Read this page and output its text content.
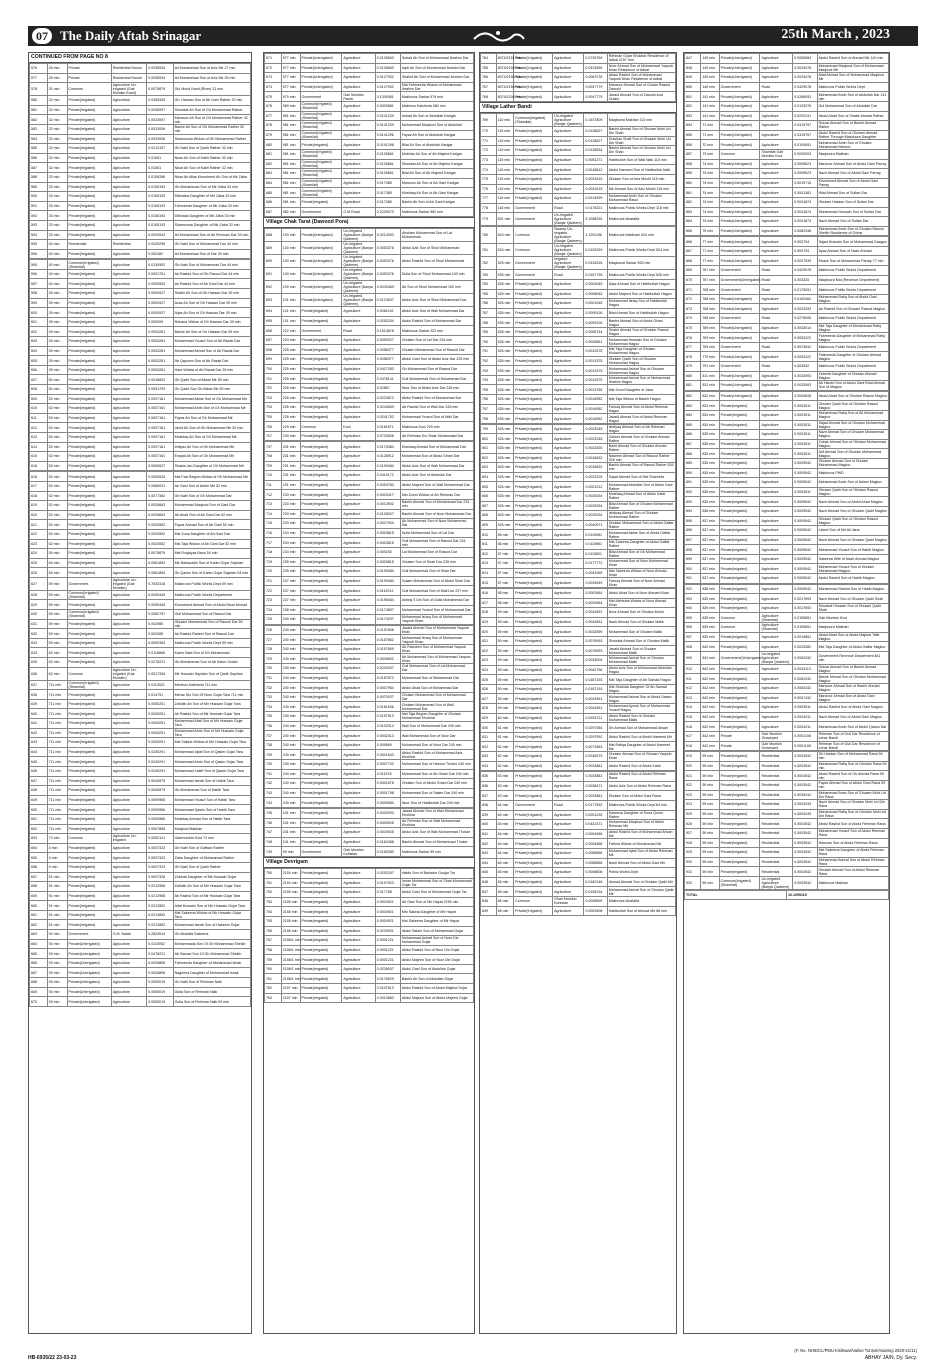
07 The Daily Aftab Srinagar	25th March , 2023
CONTINUED FROM PAGE NO 8
576	26 min	Private	Residential House	0.0035534	Ali Mohammad Son of Aziz Mir 27 min
577	26 min	Private	Residential House	0.0035534	Ali Mohammad Son of Aziz Mir 26 min
578	31 min	Common	Agriculture Un-irrigated (Gair Mumkin Kand)	0.0075879	Gul Mohd Kand (River) 31 min
580	32 min	Private(Irrigated)	Agriculture	0.0455345	Gh. Hassan Son of Ab Gani Rather 32 min
581	32 min	Private(Irrigated)	Agriculture	0.0035097	Showkat Ah Son of Gh Mohammad Rather
582	32 min	Private(Irrigated)	Agriculture	0.0033097	Manzoor Ah Son of Gh Mohammad Rather 32 min
583	32 min	Private(Irrigated)	Agriculture	0.0033006	Bashir Ah Son of Gh Mohammad Rather 32 min
584	32 min	Private(Irrigated)	Agriculture	0.0033006	Shamsuma Widow of Gh Mohammad Rather
585	32 min	Private(Irrigated)	Agriculture	0.0212107	Gh Nabi Son of Qadir Rather 32 min
586	32 min	Private(Irrigated)	Agriculture	0.01061	Nisar Ah Son of Kabir Rather 32 min
587	32 min	Private(Irrigated)	Agriculture	0.01061	Nisar Ah Son of Kabir Rather 32 min
588	33 min	Private(Irrigated)	Agriculture	0.0106286	Nisar Ah Alias Khursheed Ah Son of Mir Zaba
589	33 min	Private(Irrigated)	Agriculture	0.0106193	Gh Mohammad Son of Mir Zaba 33 min
590	33 min	Private(Irrigated)	Agriculture	0.0106193	Dilshaina Daughter of Mir Zaba 33 min
591	33 min	Private(Irrigated)	Agriculture	0.0106193	Fahmeeda Daughter of Mir Zaba 33 min
592	33 min	Private(Irrigated)	Agriculture	0.0106193	Dilshada Daughter of Mir Zaba 33 min
593	33 min	Private(Irrigated)	Agriculture	0.0106193	Shamsuma Daughter of Mir Zaba 33 min
594	33 min	Private(Irrigated)	Agriculture	0.0003044	Ali Mohammad Son of Ab Rehman Dar 33 min
595	40 min	Residential	Residential	0.0025295	Gh Nabi Son of Mohammad Dar 40 min
596	40 min	Private(Irrigated)	Agriculture	0.052482	Ali Mohammad Son of Dar 40 min
595	40 min	Common(Irrigated) (Shamilat)	Agriculture	0.0130952	Gh Nabi Son of Mohammad Dar 44 min
596	40 min	Private(Irrigated)	Agriculture	0.0001751	Ab Rashid Son of Gh Rasool Dar 44 min
597	40 min	Private(Irrigated)	Agriculture	0.0000553	Ab Rashid Son of Ab Gani Dar 44 min
598	39 min	Private(Irrigated)	Agriculture	0.0000927	Shabir Ah Son of Gh Hassan Dar 39 min
599	39 min	Private(Irrigated)	Agriculture	0.0000927	Azaz Ah Son of Gh Hassan Dar 39 min
600	39 min	Private(Irrigated)	Agriculture	0.0000927	Aijaz Ah Son of Gh Hassan Dar 39 min
601	39 min	Private(Irrigated)	Agriculture	0.000099	Rehana Widow of Gh Hassan Dar 39 min
602	39 min	Private(Irrigated)	Agriculture	0.0003281	Bashir Ah Son of Gh Hassan Dar 39 min
603	39 min	Private(Irrigated)	Agriculture	0.0003281	Mohammad Yousuf Son of Ab Razak Dar
604	39 min	Private(Irrigated)	Agriculture	0.0003281	Mohammad Ashraf Son of Ab Razak Dar
605	39 min	Private(Irrigated)	Agriculture	0.0003281	Ab Qayoom Son of Ab Razak Dar
606	39 min	Private(Irrigated)	Agriculture	0.0003281	Hara Widow of Ab Razak Dar 39 min
607	50 min	Private(Irrigated)	Agriculture	0.0016692	Gh Qadir Son of Akbar Mir 50 min
608	50 min	Private(Irrigated)	Agriculture	0.0051793	Gh Qadir Son Gh Akbar Mir 50 min
609	52 min	Private(Irrigated)	Agriculture	0.0007161	Mohammad Akbar Son of Gh Mohammad Mir
610	52 min	Private(Irrigated)	Agriculture	0.0007161	Mohammad Amin Son of Gh Mohammad Mir
611	52 min	Private(Irrigated)	Agriculture	0.0007161	Fayaz Ah Son of Gh Mohammad Mir
612	52 min	Private(Irrigated)	Agriculture	0.0007161	Javid Ah Son of Gh Mohammad Mir 52 min
613	52 min	Private(Irrigated)	Agriculture	0.0007161	Mushtaq Ah Son of Gh Mohammad Mir
614	52 min	Private(Irrigated)	Agriculture	0.0007161	Imtiyaz Ah Son of Gh Mohammad Mir
615	52 min	Private(Irrigated)	Agriculture	0.0007161	Enayat Ah Son of Gh Mohammad Mir
616	52 min	Private(Irrigated)	Agriculture	0.0000627	Shakia Jan Daughter of Gh Mohammad Mir
616	52 min	Private(Irrigated)	Agriculture	0.0005534	Mst Fazi Begum Widow of Gh Mohammad Mir
617	52 min	Private(Irrigated)	Agriculture	0.0066031	Ab Gani Son of Ambir Mir 52 min
618	52 min	Private(Irrigated)	Agriculture	0.0077362	Gh Nabi Son of Gh Mohammad Dar
619	52 min	Private(Irrigated)	Agriculture	0.0026663	Mohammad Maqbool Son of Gani Dar
620	52 min	Private(Irrigated)	Agriculture	0.0026663	Ab Ahad Son of Ab Gani Dar 52 min
621	52 min	Private(Irrigated)	Agriculture	0.0020552	Fayaz Ahmad Son of Ab Gani 52 min
622	52 min	Private(Irrigated)	Agriculture	0.0020552	Mst Zuna Daughter of Ab Gani Dar
623	52 min	Private(Irrigated)	Agriculture	0.0020552	Mst Taja Widow of Ab Gani Dar 52 min
624	54 min	Private(Irrigated)	Agriculture	0.0075879	Mst Ruqaiyaz Bano 54 min
625	54 min	Private(Irrigated)	Agriculture	0.0061854	Mir Bahauddin Son of Karim Gojar Sayidan
626	54 min	Private(Irrigated)	Agriculture	0.0061854	Gh Qasim Son of Karim Gojar Sayidan 54 min
627	59 min	Government	Agriculture Un-irrigated (Gair Mumkin)	0.7633318	Makhroos Public Works Dept 59 min
628	59 min	Common(Irrigated) (Shamilat)	Agriculture	0.0009445	Makhroos Public Works Department
629	59 min	Private(Irrigated)	Agriculture	0.0009445	Khursheed Ahmad Son of Abdul Nisar Ahmad
630	59 min	Common(Irrigated) (Shamilat)	Agriculture	0.0062757	Gull Mohammad Son of Rasool Dar
631	59 min	Private(Irrigated)	Agriculture	0.002985	Ghulam Mohammad Son of Rasool Dar 59 min
632	59 min	Private(Irrigated)	Agriculture	0.002985	Ab Rashid Raheel Son of Rasool Dar
633	59 min	Private(Irrigated)	Agriculture	0.0000364	Makhroos Public Works Dept 59 min
634	62 min	Private(Irrigated)	Agriculture	0.0118868	Karim Nabi Son of Gh Mohammad
635	62 min	Private(Irrigated)	Agriculture	0.0278221	Gh Mohammad Son of Ab Karim Sodan
636	62 min	Common	Agriculture Un-irrigated (Gair Mumkin)	0.0517336	Mir Hussain Sayidan Son of Qadir Sayidan
637	711 min	Common(Irrigated) (Shamilat)	Agriculture	0.0113521	Mehboo Kalsheria 711 min
638	711 min	Private(Irrigated)	Agriculture	0.014791	Mehar Din Son Of Noor Gojar Tara 711 min
639	711 min	Private(Irrigated)	Agriculture	0.0005251	Zahidin Ah Son of Mir Hussain Gojar Tara
640	711 min	Private(Irrigated)	Agriculture	0.0005251	Ab Rashid Son of Mir Hussain Gojar Tara
641	711 min	Private(Irrigated)	Agriculture	0.0005251	Mohammad Altaf Son of Mir Hussain Gojar Tara
642	711 min	Private(Irrigated)	Agriculture	0.0005251	Mohammad Amin Son of Mir Hussain Gojar Tara
643	711 min	Private(Irrigated)	Agriculture	0.0005251	Mst Sakina Widow of Mir Hussain Gojar Tara
644	711 min	Private(Irrigated)	Agriculture	0.0240291	Mohammad Iqbal Son of Qasim Gojar Tara
645	711 min	Private(Irrigated)	Agriculture	0.0240291	Mohammad Amin Son of Qasim Gojar Tara
646	711 min	Private(Irrigated)	Agriculture	0.0240291	Mohammad Latief Son of Qasim Gojar Tara
647	711 min	Private(Irrigated)	Agriculture	0.0040879	Mohammad Ismail Son of Habib Tara
648	711 min	Private(Irrigated)	Agriculture	0.0040879	Gh Mohammad Son of Habib Tara
649	711 min	Private(Irrigated)	Agriculture	0.0009966	Mohammad Yousuf Son of Habib Tara
650	711 min	Private(Irrigated)	Agriculture	0.0009966	Mohammad Qasim Son of Habib Tara
651	711 min	Private(Irrigated)	Agriculture	0.0009966	Mushtaq Ahmad Son of Habib Tara
652	711 min	Private(Irrigated)	Agriculture	0.0007858	Maqbool Makhan
653	72 min	Common	Agriculture Un-irrigated	0.0052121	Gairmumkin Kool 72 min
654	4 min	Private(Irrigated)	Agriculture	0.0007323	Gh Nabi Son of Gaffaar Rather
655	4 min	Private(Irrigated)	Agriculture	0.0007323	Zaba Daughter of Mohammad Rather
656	4 min	Private(Irrigated)	Agriculture	0.0007323	Gh Nabi Son of Qadir Rather
657	91 min	Private(Irrigated)	Agriculture	0.0007328	Zubeda Daughter of Mir Hussain Gojar
658	91 min	Private(Irrigated)	Agriculture	0.0212968	Zahidin Ah Son of Mir Hussain Gojar Tara
659	91 min	Private(Irrigated)	Agriculture	0.0212968	Ab Rashid Son of Mir Hussain Gojar Tara
660	91 min	Private(Irrigated)	Agriculture	0.0212852	Altaf Hussain Son of Mir Hussain Gojar Tara
661	91 min	Private(Irrigated)	Agriculture	0.0212852	Mst Sakeena Widow of Mir Hussain Gojar Tara
662	91 min	Private(Irrigated)	Agriculture	0.0212852	Mohammad Ismail Son of Hakeem Gojar
663	92 min	Government	G.M. Nalah	0.2824514	Gh Mustafa Sakeena
664	93 min	Private(Unirrigated)	Agriculture	0.0115052	Mohammada Son Of Gh Mohammad Sheikh
665	93 min	Private(Unirrigated)	Agriculture	0.0478221	Ab Samad Son Of Gh Mohammad Sheikh
666	93 min	Private(Unirrigated)	Agriculture	0.0026896	Fahmeeda Daughter of Mohammad Ishak
667	93 min	Private(Unirrigated)	Agriculture	0.0026896	Nageena Daughter of Mohammad Ishak
668	93 min	Private(Unirrigated)	Agriculture	0.0055019	Gh Nabi Son of Rehman Naik
669	93 min	Private(Unirrigated)	Agriculture	0.0055019	Gulla Son of Rehman Naik
670	93 min	Private(Unirrigated)	Agriculture	0.0055019	Gulla Son of Rehman Naik 93 min
671	977 min	Private(Unirrigated)	Agriculture	0.0126843	Subad Ah Son of Mohammad Ibrahim Dar
672	977 min	Private(Unirrigated)	Agriculture	0.0126843	Aqib Ah Son of Mohammad Ibrahim Dar
673	977 min	Private(Unirrigated)	Agriculture	0.0127932	Shahid Ah Son of Mohammad Ibrahim Dar
674	977 min	Private(Unirrigated)	Agriculture	0.0127932	Mst Fahmeeda Widow of Mohammad Ibrahim Dar
675	979 min	Government	Gair Mumkin Rasta	0.1309361	Makhroos Sarkar 979 min
676	980 min	Common(Irrigated) (Shamilat)	Agriculture	0.0003681	Makhroo Kalsheria 980 min
677	981 min	Common(Irrigated) (Shamilat)	Agriculture	0.0141239	Irshad Ah Son of Abdullah Karigar
678	981 min	Common(Irrigated) (Shamilat)	Agriculture	0.0141239	Mohammad Maqbool Son of Abdullah
679	981 min	Common(Irrigated) (Shamilat)	Agriculture	0.0141296	Fayaz Ah Son of Abdullah Karigar
680	981 min	Private(Irrigated)	Agriculture	0.0141296	Bilal Ah Son of Abdullah Karigar
681	981 min	Common(Irrigated) (Shamilat)	Agriculture	0.0126861	Mukhtar Ah Son of Ab Majeed Karigar
682	981 min	Common(Irrigated) (Shamilat)	Agriculture	0.0126861	Showkat Ah Son of Ab Majeed Karigar
683	981 min	Common(Irrigated) (Shamilat)	Agriculture	0.0126861	Bilal Ah Son of Ab Majeed Karigar
684	981 min	Common(Irrigated) (Shamilat)	Agriculture	0.017385	Manzoor Ah Son of Ab Gani Karigar
685	981 min	Common(Irrigated) (Shamilat)	Agriculture	0.017385	Mushtaq Ah Son of Ab Gani Karigar
686	981 min	Private(Irrigated)	Agriculture	0.017385	Bashir Ah Son of Ab Gani Karigar
687	982 min	Government	G.M Road	0.2225373	Makhroos Sarkar 982 min
Village Chak Tarat (Dawood Pora)
688	100 min	Private(Unirrigated)	Un-irrigated Agriculture (Banjar Qadeem)	0.0213393	Ahsham Mohammad Son of Lal Mohammad
689	100 min	Private(Unirrigated)	Un-irrigated Agriculture (Banjar Qadeem)	0.0053376	Abdul Aziz Son of Shuri Mohammad
690	100 min	Private(Unirrigated)	Un-irrigated Agriculture (Banjar Qadeem)	0.0053376	Abdul Rashid Son of Shuri Mohammad
691	100 min	Private(Unirrigated)	Un-irrigated Agriculture (Banjar Qadeem)	0.0053376	Dulla Son of Shuri Mohammad 100 min
692	100 min	Private(Unirrigated)	Un-irrigated Agriculture (Banjar Qadeem)	0.0033469	Ab Son of Shuri Mohammad 100 min
693	101 min	Private(Unirrigated)	Un-irrigated Agriculture (Banjar Qadeem)	0.0124547	Abdul Aziz Son of Shuri Mohammad Dar
694	101 min	Private(Irrigated)	Agriculture	0.0061192	Abdul Aziz Son of Wali Mohammad Dar
695	101 min	Private(Irrigated)	Agriculture	0.0252204	Abdul Rashid Son of Mohammad Dar
696	222 min	Government	Road	0.1613878	Makhroos Sarkar 222 min
697	224 min	Private(Irrigated)	Agriculture	0.0090027	Ghulam Son of Lal Dar 224 min
698	225 min	Private(Irrigated)	Agriculture	0.0056377	Ghulam Mohammad Son of Rasool Dar
699	225 min	Private(Irrigated)	Agriculture	0.0056377	Abdul Gani Son of Abdul Aziz Dar 225 min
700	225 min	Private(Irrigated)	Agriculture	0.0427283	Gh Mohammad Son of Rasool Dar
701	225 min	Private(Irrigated)	Agriculture	0.0478141	Gull Mohammad Son of Mohammad Dar
702	226 min	Private(Irrigated)	Agriculture	0.02867	Noor Son of Abdul Aziz Dar 226 min
703	226 min	Private(Irrigated)	Agriculture	0.0223872	Abdul Rashid Son of Mohammad Dar
704	226 min	Private(Irrigated)	Agriculture	0.0243659	Ab Rashid Son of Wali Dar 226 min
705	228 min	Private(Irrigated)	Agriculture	0.0241752	Mohammad Yousuf Son of Wali Dar
706	229 min	Common	Kool	0.0181871	Makhroos Kool 229 min
707	230 min	Private(Irrigated)	Agriculture	0.0732606	Ab Rehman S/o Shair Mohammad Dar
707	231 min	Private(Irrigated)	Agriculture	0.0175384	Mushtaq Ahmad Son of Mohammad Dar
708	231 min	Private(Irrigated)	Agriculture	0.0128912	Mohammad Son of Abdul Ghani Dar
709	231 min	Private(Irrigated)	Agriculture	0.0199484	Abdul Aziz Son of Wali Mohammad Dar
710	231 min	Private(Irrigated)	Agriculture	0.0419172	Abdul Aziz Son of Abdullah Dar
711	231 min	Private(Irrigated)	Agriculture	0.0054783	Abdul Majeed Son of Wali Mohammad Dar
712	233 min	Private(Irrigated)	Agriculture	0.0003417	Mst Zooni Widow of Ab Rehman Dar
713	233 min	Private(Irrigated)	Agriculture	0.0013902	Bashir Ahmad Son of Mohammad Dar 233 min
714	233 min	Private(Irrigated)	Agriculture	0.0128327	Bashir Ahmad Son of Noor Mohammad Dar
715	233 min	Private(Irrigated)	Agriculture	0.0027904	Ab Mohammad Son of Noor Mohammad Dar
716	234 min	Private(Irrigated)	Agriculture	0.0003815	Dulla Mohammad Son of Lal Dar
717	234 min	Private(Irrigated)	Agriculture	0.0003815	Gull Mohammad Son of Rasool Dar 234 min
718	234 min	Private(Irrigated)	Agriculture	0.000192	Lal Mohammad Son of Rasool Dar
719	235 min	Private(Irrigated)	Agriculture	0.0003815	Ghulam Son of Shair Dar 235 min
720	235 min	Private(Irrigated)	Agriculture	0.0199484	Gull Mohammad Son of Shair Dar
721	237 min	Private(Irrigated)	Agriculture	0.0199484	Gulam Mohammad Son of Abdul Shair Dar
722	237 min	Private(Irrigated)	Agriculture	0.0118741	Gull Mohammad Son of Wali Dar 237 min
723	237 min	Private(Irrigated)	Agriculture	0.0196084	Akbraj S Din Son of Dulla Mohammad Dar
724	238 min	Private(Irrigated)	Agriculture	0.0174897	Mohammad Yousuf Son of Mohammad Dar
725	240 min	Private(Irrigated)	Agriculture	0.0174297	Mohammad Ishaq Son of Mohammad Yaqoob Khan
726	240 min	Private(Irrigated)	Agriculture	0.0157846	Javaid Ahmad Son of Mohammad Yaqoob Khan
727	240 min	Private(Irrigated)	Agriculture	0.0157862	Mohammad Ishaq Son of Mohammad Yaqoob Khan
728	240 min	Private(Irrigated)	Agriculture	0.0157859	Ab Rasheed Son of Mohammad Yaqoob Khan
729	240 min	Private(Irrigated)	Agriculture	0.0005832	Ab Mohammad Son of Mohammad Yaqoob Khan
730	240 min	Private(Irrigated)	Agriculture	0.0203347	Gull Mohammad Son of Lal Mohammad Dar
731	240 min	Private(Irrigated)	Agriculture	0.0157872	Mohammad Son of Mohammad Dar
732	240 min	Private(Irrigated)	Agriculture	0.0007964	Abdul Ahad Son of Mohammad Dar
733	240 min	Private(Irrigated)	Agriculture	0.0070037	Ghulam Mohammad Son of Mohammad Dar
734	240 min	Private(Irrigated)	Agriculture	0.0181836	Ghulam Mohammad Son of Wali Mohammad Dar
735	240 min	Private(Irrigated)	Agriculture	0.0157913	Mst Taja Begum Daughter of Ghulam Mohammad Khokhar
736	240 min	Private(Irrigated)	Agriculture	0.0102014	Wali Son of Mohammad Dar 240 min
737	240 min	Private(Irrigated)	Agriculture	0.0002413	Wali Mohammad Son of Noor Dar
738	240 min	Private(Irrigated)	Agriculture	0.009669	Mohammad Son of Noor Dar 240 min
739	240 min	Private(Irrigated)	Agriculture	0.0001843	Abdul Rashid Son of Mohammad Azia Khokhar
740	240 min	Private(Irrigated)	Agriculture	0.0007742	Mohammad Son of Haroon Thoker 240 min
741	240 min	Private(Irrigated)	Agriculture	0.011578	Mohammad Son of Ab Ghani Dar 240 min
742	240 min	Private(Irrigated)	Agriculture	0.0001878	Ghulam Son of Abdul Ghani Dar 240 min
743	240 min	Private(Irrigated)	Agriculture	0.0001798	Mohammad Son of Salam Dar 240 min
744	240 min	Private(Irrigated)	Agriculture	0.0009564	Noor Son of Habibullah Dar 240 min
745	241 min	Private(Irrigated)	Agriculture	0.0025293	Jawad Ahmad Son of Wali Mohammad Khokhar
746	241 min	Private(Irrigated)	Agriculture	0.0009925	Ab Rehman Son of Wali Mohammad Khokhar
747	241 min	Private(Irrigated)	Agriculture	0.0004925	Abdul Aziz Son of Wali Mohammad Thokar
748	241 min	Private(Irrigated)	Agriculture	0.0162458	Bashir Ahmad Son of Mohammad Thoker
749	99 min	Government	Gair Mumkin Kohistan	0.0183283	Makhroos Sarkar 99 min
Village Devrigam
750	2154 min	Private(Irrigated)	Agriculture	0.0292347	Habib Son of Bahadur Goojar Tar
751	2154 min	Private(Irrigated)	Agriculture	0.0197923	Imran Mohammad Son of Shair Mohammad Gojar Tar
752	2155 min	Private(Irrigated)	Agriculture	0.017788	Abdul Gani Son of Mohammad Gojar Tar
753	2155 min	Private(Irrigated)	Agriculture	0.0004921	Ab Gani Son of Mir Hayat 2155 min
754	2155 min	Private(Irrigated)	Agriculture	0.0004921	Mst Sakina Daughter of Mir Hayat
755	2155 min	Private(Irrigated)	Agriculture	0.0004921	Mst Sakeena Daughter of Mir Hayat
756	2155 min	Private(Irrigated)	Agriculture	0.0225931	Abdul Salam Son of Mohammad Gojar
757	2156/1 min	Private(Irrigated)	Agriculture	0.0001221	Mohammad Ashraf Son of Noor Din Mohammad Gojar
758	2156/1 min	Private(Irrigated)	Agriculture	0.0001221	Abdul Rashid Son of Noor Din Gojar
759	2156/1 min	Private(Irrigated)	Agriculture	0.0001221	Abdul Majeed Son of Noor Din Gojar
760	2156/1 min	Private(Irrigated)	Agriculture	0.0228007	Abdul Gani Son of Abdullah Gojar
761	2156/1 min	Private(Irrigated)	Agriculture	0.0176529	Bashir Ah Son of Abdullah Gojar
762	2157 min	Private(Irrigated)	Agriculture	0.0107613	Abdul Rashid Son of Abdul Majeed Gojar
763	2157 min	Private(Irrigated)	Agriculture	0.0013883	Abdul Majeed Son of Abdul Majeed Gojar
764	8074/2151 min	Private(Irrigated)	Agriculture	0.0739769	Rehman Gojar Khokhar Residence of Adbal 2157 min
765	8074/2156 min	Private(Irrigated)	Agriculture	0.0433599	Noor Ahmad Son of Mohammad Yaqoob Khan Residence of Adbal
766	8074/2156 min	Private(Irrigated)	Agriculture	0.0067278	Abdul Rashid Son of Mohammad Yaqoob Khan Residence of Adbal
767	8074/2156 min	Private(Irrigated)	Agriculture	0.0047779	Manzoor Ahmad Son of Gulam Rasool Zarooki
768	8074/2156 min	Private(Irrigated)	Agriculture	0.0047779	Javaid Ahmad Son of Zarooki And Gulam
Village Lather Bandi
769	110 min	Common(Irrigated) (Shamilat)	Un-irrigated Agriculture (Banjar Qadeem)	0.1447809	Maqboora Makhan 110 min
770	115 min	Private(Irrigated)	Agriculture	0.0138527	Bashir Ahmad Son of Ghulam Mohi Ud Din Shah
771	115 min	Private(Irrigated)	Agriculture	0.0138527	Gulshan Shafi Son of Ghulam Mohi Ud Din Shah
772	115 min	Private(Irrigated)	Agriculture	0.0138534	Bashir Ahmad Son of Ghulam Mohi Ud Din Shah
773	115 min	Private(Irrigated)	Agriculture	0.0051271	Habibullah Son of Wali Naik 115 min
774	115 min	Private(Irrigated)	Agriculture	0.0018612	Abdul Hameed Son of Habibullah Naik
775	115 min	Private(Irrigated)	Agriculture	0.0031615	Ghulam Son of Aziz Mochi 115 min
776	115 min	Private(Irrigated)	Agriculture	0.0031615	Mir Ahmad Son of Aziz Mochi 115 min
777	116 min	Private(Irrigated)	Agriculture	0.0214599	Mohammad Amin Son of Ghulam Mohammad Rasul
778	116 min	Government	Road	0.0176221	Makhroos Public Works Dept 116 min
779	501 min	Government	Un-irrigated Agriculture (Banjar Qadeem)	0.1958235	Makhroos Mustaffa
780	524 min	Common	Swamp Un-irrigated Agriculture (Banjar Qadeem)	1.1291196	Makhroos Maidhani 524 min
781	524 min	Common	Un-irrigated Agriculture (Banjar Qadeem)	0.0192929	Makhroos Public Works Dept 524 min
782	525 min	Government	Irrigated Agriculture (Banjar Qadeem)	0.0318318	Maqboora Sarkar 525 min
783	526 min	Government	Road	0.0167735	Makhroos Public Works Dept 526 min
784	526 min	Private(Irrigated)	Agriculture	0.0003045	Aijaz Ahmad Son of Habibullah Hagoo
785	526 min	Private(Irrigated)	Agriculture	0.0008545	Abdul Majeed Son of Habibullah Hagoo
786	526 min	Private(Irrigated)	Agriculture	0.0001045	Mohammad Ishaq Son of Habibullah Hagoo
787	526 min	Private(Irrigated)	Agriculture	0.0009126	Bilal Ahmad Son of Habibullah Hagoo
788	526 min	Private(Irrigated)	Agriculture	0.0009126	Bashir Ahmad Son of Abdul Ghani Hagoo
789	526 min	Private(Irrigated)	Agriculture	0.0006744	Shabir Ahmad Son of Ghulam Rasool Hagoo
790	526 min	Private(Irrigated)	Agriculture	0.0025851	Mohammad Hussain Son of Ghulam Mohammad Hagoo
791	526 min	Private(Irrigated)	Agriculture	0.0013375	Mst Taja Daughter of Ghulam Mohammad Hagoo
792	526 min	Private(Irrigated)	Agriculture	0.0013375	Ghulam Qadir Son of Ghulam Mohammad Hagoo
793	526 min	Private(Irrigated)	Agriculture	0.0013375	Mohammad Ashraf Son of Ghulam Mohammad Hagoo
794	526 min	Private(Irrigated)	Agriculture	0.0013375	Mohammad Ashraf Son of Mohammad Ibrahim Hagoo
795	526 min	Private(Irrigated)	Agriculture	0.0013755	Mst Zooni Daughter of Jana
796	526 min	Private(Irrigated)	Agriculture	0.0016952	Mst Taja Widow of Bashir Hagoo
797	526 min	Private(Irrigated)	Agriculture	0.0016952	Farooq Ahmad Son of Abdul Rehman Hagoo
798	526 min	Private(Irrigated)	Agriculture	0.0016952	Javaid Ahmad Son of Abdul Rehman Hagoo
799	526 min	Private(Irrigated)	Agriculture	0.0023245	Ishtiyaq Ahmad Son of Ab Rehman Hagoo
800	526 min	Private(Irrigated)	Agriculture	0.0023245	Zahoor Ahmad Son of Ghulam Ahmad Rather
801	526 min	Private(Irrigated)	Agriculture	0.0022825	Nazir Ahmad Son of Ghulam Ahmad Rather
802	526 min	Private(Irrigated)	Agriculture	0.0016832	Naseem Ahmad Son of Rasool Rather 526 min
803	526 min	Private(Irrigated)	Agriculture	0.0016832	Bashir Ahmad Son of Rasool Rather 526 min
804	526 min	Private(Irrigated)	Agriculture	0.0023225	Sajad Ahmad Son of Mst Shareefa
805	526 min	Private(Irrigated)	Agriculture	0.0021212	Mohammad Abdullah Son of Abdul Gani Rather
806	526 min	Private(Irrigated)	Agriculture	0.0025254	Mushtaq Ahmad Son of Abdul Kabir Rather
807	526 min	Private(Irrigated)	Agriculture	0.0025254	Bilal Ahmad Son of Ghulam Mohammad Rather
808	526 min	Private(Irrigated)	Agriculture	0.0025254	Ishtiyaq Ahmad Son of Ghulam Mohammad Rather
809	526 min	Private(Irrigated)	Agriculture	0.0040971	Ghulam Mohammad Son of Abdul Gaffar Rather
810	56 min	Private(Irrigated)	Agriculture	0.0115981	Mohammad Akbar Son of Abdul Gaffar Rather
811	56 min	Private(Irrigated)	Agriculture	0.0115981	Mst Zareena Daughter of Abdul Gaffar Rather
812	57 min	Private(Irrigated)	Agriculture	0.0115801	Bilal Ahmad Son of Gh Mohammad Rather
813	57 min	Private(Irrigated)	Agriculture	0.0177772	Mohammad Son of Noor Mohammad Khan
814	57 min	Private(Irrigated)	Agriculture	0.0041069	Mst Sakeena Widow of Noor Ahmad Khan
815	57 min	Private(Irrigated)	Agriculture	0.0033949	Farooq Ahmad Son of Noor Ahmad Khan
816	58 min	Private(Irrigated)	Agriculture	0.0003964	Abdul Ahad Son of Noor Ahmad Khan
817	58 min	Private(Irrigated)	Agriculture	0.0003964	Mst Mehtuba Widow of Noor Ahmad Khan
818	59 min	Private(Irrigated)	Agriculture	0.0042891	Noor Ahmad Son of Ghulam Mohd
819	59 min	Private(Irrigated)	Agriculture	0.0042891	Nazir Ahmad Son of Ghulam Malik
820	59 min	Private(Irrigated)	Agriculture	0.0032899	Mohammad Son of Ghulam Malik
821	59 min	Private(Irrigated)	Agriculture	0.0076993	Showkat Ahmad Son of Ghulam Malik
822	59 min	Private(Irrigated)	Agriculture	0.0076993	Javaid Ahmad Son of Ghulam Mohammad Malik
823	59 min	Private(Irrigated)	Agriculture	0.0034004	Mohammad Ashraf Son of Ghulam Mohammad Malik
824	59 min	Private(Irrigated)	Agriculture	0.0042796	Abdul Aziz Son of Mohammad Abdullah Hagoo
825	59 min	Private(Irrigated)	Agriculture	0.0187193	Mst Taja Daughter of Ab Samad Hagoo
826	59 min	Private(Irrigated)	Agriculture	0.0187193	Mst Shahida Daughter Of Ab Samad Hagoo
827	59 min	Private(Irrigated)	Agriculture	0.0043951	Mohammad Ashraf Son of Abdul Salam Hagoo
828	59 min	Private(Irrigated)	Agriculture	0.0043951	Mohammad Ayoub Son of Mohammad Yousuf Hagoo
829	60 min	Private(Irrigated)	Agriculture	0.0293721	Abdul Rashid Son of Ghulam Mohammad Malik
830	61 min	Private(Irrigated)	Agriculture	0.0297064	Gh Ahmad Son of Mohammad Ahsan
831	61 min	Private(Irrigated)	Agriculture	0.0297992	Abdul Rashid Son of Abdul Hameed Mir
832	62 min	Private(Irrigated)	Agriculture	0.0071683	Mst Rafiqa Daughter of Abdul Hameed Mir
833	62 min	Private(Irrigated)	Agriculture	0.0246379	Ghulam Ahmad Son of Ghulam Yaqoob Khan
834	62 min	Private(Irrigated)	Agriculture	0.0033881	Abdul Rashid Son of Abdul Kabir
835	63 min	Private(Irrigated)	Agriculture	0.0033881	Abdul Rashid Son of Abdul Rehman Rana
836	63 min	Private(Irrigated)	Agriculture	0.0038471	Abdul Aziz Son of Abdul Rehman Rana
837	63 min	Private(Irrigated)	Agriculture	0.0033881	Ghulam Son of Abdul Gani Rana
838	64 min	Government	Road	0.0177592	Makhroos Public Works Dept 64 min
839	64 min	Private(Irrigated)	Agriculture	0.0251235	Kaneeza Daughter of Sona Qoom Rather
840	64 min	Private(Irrigated)	Agriculture	0.0442371	Mohammad Maqbool Son of Abdul Rehman Mir
841	64 min	Private(Irrigated)	Agriculture	0.0004968	Abdul Rashid Son of Mohammad Ahsan Mir
842	64 min	Private(Irrigated)	Agriculture	0.0004968	Fatima Widow of Mohammad Mir
843	64 min	Private(Irrigated)	Agriculture	0.0085858	Mohammad Iqbal Son of Abdul Rehman Mir
844	64 min	Private(Irrigated)	Agriculture	0.0085858	Nazir Ahmad Son of Abdul Gani Mir
845	65 min	Private(Irrigated)	Agriculture	0.0008808	Public Works Dept
846	65 min	Private(Irrigated)	Agriculture	0.0160148	Ahmad Ahmad Son of Ghulam Qadir Mir
847	65 min	Private(Irrigated)	Agriculture	0.0158134	Mohammad Ashraf Son of Ghulam Qadir Mir
848	66 min	Common	Ghair Mumkin Kohistan	0.0008509	Makhroos Mustaffa
849	66 min	Private(Irrigated)	Agriculture	0.0009408	Habibullah Son of Ahmad Mir 66 min
847	140 min	Private(Unirrigated)	Agriculture	0.0055984	Abdul Rashid Son of Ahmad Mir 140 min
848	140 min	Private(Unirrigated)	Agriculture	0.0029478	Mohammad Maqbool Son of Mohammad Maqbool Mir
849	140 min	Private(Unirrigated)	Agriculture	0.0029478	Altaf Ahmad Son of Mohammad Maqbool Mir
850	140 min	Government	Road	0.0429078	Makhroos Public Works Dept
851	141 min	Private(Unirrigated)	Agriculture	0.0266053	Mohammad Amin Son of Abdullah Dar 141 min
852	141 min	Private(Unirrigated)	Agriculture	0.0133078	Gul Mohammad Son of Abdullah Dar
853	141 min	Private(Unirrigated)	Agriculture	0.0292241	Abdul Ahad Son of Shabir Ahmad Rather
854	71 min	Private(Unirrigated)	Agriculture	0.0315757	Gulzar Ahmad Son of Bashir Ahmad Rather
855	71 min	Private(Unirrigated)	Agriculture	0.0315757	Abdul Rashid Son of Ghulam Ahmad Rather Through Masdoora Daughter
856	72 min	Private(Unirrigated)	Agriculture	0.0104591	Mohammad Amin Son of Ghulam Mohammad Mantoo
857	73 min	Common	Shamilat Gair Mumkin Kool	0.0030003	Maqboora Makhan
858	74 min	Private(Unirrigated)	Agriculture	0.0099623	Manzoor Ahmad Son of Abdul Gani Parray
859	74 min	Private(Unirrigated)	Agriculture	0.0099623	Nazir Ahmad Son of Abdul Gani Parray
860	74 min	Private(Unirrigated)	Agriculture	0.0019715	Khursheed Ahmad Son of Abdul Gani Parray
861	74 min	Private(Unirrigated)	Agriculture	0.0041381	Hilal Ahmad Son of Sultan Dar
862	74 min	Private(Unirrigated)	Agriculture	0.0041874	Ghulam Hassan Son of Sultan Dar
863	74 min	Private(Unirrigated)	Agriculture	0.0041874	Mohammad Hussain Son of Sultan Dar
864	74 min	Private(Unirrigated)	Agriculture	0.0041874	Nazir Ahmad Son of Sultan Dar
865	75 min	Private(Unirrigated)	Agriculture	0.0082346	Mohammad Amin Son of Ghulam Rasool Sheikh Residence of Gohar
866	77 min	Private(Unirrigated)	Agriculture	0.003794	Sajad Hussain Son of Mohammad Daagoo
867	77 min	Private(Unirrigated)	Agriculture	0.003794	Ayaz Ahmad Son of Nazir Ahmad
868	77 min	Private(Unirrigated)	Agriculture	0.0037939	Khazir Son of Mohammad Parray 77 min
869	767 min	Government	Road	0.0429978	Makhroos Public Works Department
870	767 min	Government(Unirrigated)	Road	0.003325	Maqboora Mal (Revenue Department)
871	768 min	Government	Road	0.0179091	Makhroos Public Works Department
872	768 min	Private(Unirrigated)	Agriculture	0.0100462	Mohammad Rafiq Son of Abdul Gani Magloo
873	768 min	Private(Unirrigated)	Agriculture	0.0023293	Ab Rashid Son of Ghulam Rasool Magloo
874	768 min	Government	Road	0.0276006	Makhroos Public Works Department
875	769 min	Private(Unirrigated)	Agriculture	0.0043014	Mst Taja Daughter of Mohammad Rafiq Magloo
876	769 min	Private(Unirrigated)	Agriculture	0.0053222	Fahmeeda Daughter of Mohammad Rafiq Magloo
877	769 min	Government	Road	0.0023542	Makhroos Public Works Department
878	770 min	Private(Unirrigated)	Agriculture	0.0053222	Fatimeeda Daughter of Ghulam Ahmad Magloo
879	791 min	Government	Road	0.003542	Makhroos Public Works Department
880	811 min	Private(Unirrigated)	Agriculture	0.0032593	Zareefa Daughter of Ghulam Ahmad Magloo
881	831 min	Private(Unirrigated)	Agriculture	0.0032593	Ab Hamid Son of Abdul Gani Bhat Ahmad Son of Magloo
882	832 min	Private(Unirrigated)	Agriculture	0.0009845	Abdul Ahad Son of Ghulam Rasool Magloo
883	833 min	Private(Irrigated)	Agriculture	0.0003511	Ghulam Qadir Son of Ghulam Rasool Magloo
884	834 min	Private(Irrigated)	Agriculture	0.0003511	Mohammad Rafiq Son of Ali Mohammad Magloo
885	834 min	Private(Irrigated)	Agriculture	0.0003511	Sajad Ahmad Son of Ghulam Mohammad Magloo
886	835 min	Private(Irrigated)	Agriculture	0.0003511	Nazir Ahmad Son of Ghulam Mohammad Magloo
887	835 min	Private(Irrigated)	Agriculture	0.0003511	Zubair Ahmad Son of Ghulam Mohammad Magloo
888	835 min	Private(Irrigated)	Agriculture	0.0003511	Arif Ahmad Son of Ghulam Mohammad Magloo
889	835 min	Private(Irrigated)	Agriculture	0.0009542	Ghulam Ahmad Son of Ghulam Mohammad Magloo
890	835 min	Private(Irrigated)	Agriculture	0.0009542	Makhroos PWD
891	835 min	Private(Irrigated)	Agriculture	0.0009542	Mohammad Amin Son of Aslam Magloo
892	835 min	Private(Irrigated)	Agriculture	0.0003511	Ghulam Qadir Son of Ghulam Rasool Magloo
893	835 min	Private(Irrigated)	Agriculture	0.0009542	Nazir Ahmad Son of Abdul Ahad Magloo
894	836 min	Private(Irrigated)	Agriculture	0.0009542	Nazir Ahmad Son of Ghulam Qadir Magloo
895	837 min	Private(Irrigated)	Agriculture	0.0009542	Ghulam Qadir Son of Ghulam Rasool Magloo
896	837 min	Private(Irrigated)	Agriculture	0.0009542	Lateef Son of Mir Ali Jana
897	837 min	Private(Irrigated)	Agriculture	0.0009542	Nazir Ahmad Son of Ghulam Qadir Magloo
898	837 min	Private(Irrigated)	Agriculture	0.0009542	Mohammad Yousuf Son of Habib Magloo
899	837 min	Private(Irrigated)	Agriculture	0.0009542	Sakeena Wife of Nazir Ahmad Magloo
900	837 min	Private(Irrigated)	Agriculture	0.0009542	Mohammad Yousuf Son of Ghulam Mohammad Magloo
901	837 min	Private(Irrigated)	Agriculture	0.0009542	Abdul Rashid Son of Habib Magloo
902	838 min	Private(Irrigated)	Agriculture	0.0009542	Mohammad Rashid Son of Habib Magloo
903	839 min	Private(Irrigated)	Agriculture	0.0017693	Nazir Ahmad Son of Ghulam Qadir Shah
904	839 min	Private(Irrigated)	Agriculture	0.0017693	Showkat Hussain Son of Ghulam Qadir Shah
905	839 min	Common	Agriculture (Shamilat)	0.0159851	Gair Mumkin Kool
906	839 min	Common	Agriculture (Shamilat)	0.0159851	Maqboora Makhan
907	839 min	Private(Irrigated)	Agriculture	0.0019851	Abdul Ahad Son of Abdul Majeed Talib Magloo
908	840 min	Private(Irrigated)	Agriculture	0.0025382	Mst Taja Daughter of Abdul Gaffar Magloo
909	841 min	Government/(Un)irrigated	Un-irrigated Agriculture (Banjar Qadeem)	0.0062432	Government Revenue Department 841 min
910	842 min	Private(Irrigated)	Agriculture	0.0043113	Gulzar Ahmad Son of Bashir Ahmad Magloo
911	842 min	Private(Irrigated)	Agriculture	0.0062432	Bashir Ahmad Son of Ghulam Mohammad Magloo
912	842 min	Private(Irrigated)	Agriculture	0.0062432	Manzoor Ahmad Son of Bashir Ahmad Magloo
913	842 min	Private(Irrigated)	Agriculture	0.0007432	Manzoor Ahmad Son of Abdul Gani Magloo
914	842 min	Private(Irrigated)	Agriculture	0.0003511	Abdul Rashid Son of Abdul Gani Magloo
915	842 min	Private(Irrigated)	Agriculture	0.0004411	Nazir Ahmad Son of Abdul Gani Magloo
916	842 min	Private(Irrigated)	Agriculture	0.0004411	Mohammad Amin Son of Abdul Qadoo Dar
917	842 min	Private	Gair Mumkin Graveyard	0.0001108	Rehman Son of Gull Dar Residence of Lehar Bandi
918	842 min	Private	Gair Mumkin Graveyard	0.0001108	Rehman Son of Gull Dar Residence of Lehar Bandi
919	59 min	Private(Irrigated)	Residential	0.0003542	Gh Hassan Son of Mohammad Rana 59 min
920	59 min	Private(Irrigated)	Residential	0.0003542	Mohammad Rafiq Son of Ghulam Rana 59 min
921	59 min	Private(Irrigated)	Residential	0.0003542	Abdul Rashid Son of Gh Ahmad Rana 59 min
922	59 min	Private(Irrigated)	Residential	0.0003542	Fayaz Ahmad Son of Abdul Gani Rana 59 min
923	59 min	Private(Irrigated)	Residential	0.0035242	Mohammad Amin Son of Ghulam Mohi Ud Din Rana
924	59 min	Private(Irrigated)	Residential	0.0004249	Nazir Ahmad Son of Ghulam Mohi Ud Din Rana
925	59 min	Private(Irrigated)	Residential	0.0004249	Mohammad Rafiq Son of Ghulam Mohi Ud Din Rana
926	59 min	Private(Irrigated)	Residential	0.0003542	Abdul Rashid Son of Abdul Rehman Rana
927	59 min	Private(Irrigated)	Residential	0.0003542	Mohammad Yousuf Son of Abdul Rehman Rana
928	59 min	Private(Irrigated)	Residential	0.0003542	Ramzan Son of Abdul Rehman Rana
929	59 min	Private(Irrigated)	Residential	0.0003542	Mst Sakeena Daughter of Abdul Rehman Rana
930	59 min	Private(Irrigated)	Residential	0.0003542	Mohammad Ashraf Son of Abdul Rehman Rana
931	59 min	Private(Irrigated)	Residential	0.0003542	Ghulam Ahmad Son of Abdul Rehman Rana
932	59 min	Common(Irrigated) (Shamilat)	Un-irrigated Agriculture (Banjar Qadeem)	0.0003542	Makhroos Makhan
TOTAL	16.1095115
(F. No. NHIDCL/PMU Kishtwar/Vailoo Tunnel/Awaring 2020-21/11)
HB-6935/22 23-03-23	ABHAY JAIN, Dy. Secy.
